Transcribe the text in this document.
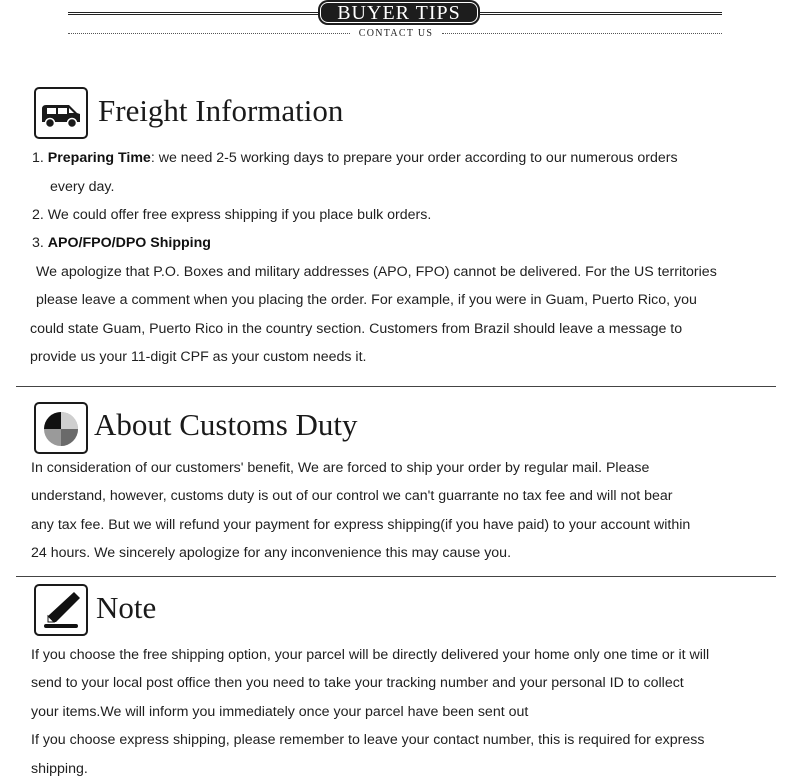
BUYER TIPS
CONTACT US
Freight Information
1. Preparing Time: we need 2-5 working days to prepare your order according to our numerous orders
every day.
2. We could offer free express shipping if you place bulk orders.
3. APO/FPO/DPO Shipping
We apologize that P.O. Boxes and military addresses (APO, FPO) cannot be delivered. For the US territories
please leave a comment when you placing the order. For example, if you were in Guam, Puerto Rico, you
could state Guam, Puerto Rico in the country section. Customers from Brazil should leave a message to
provide us your 11-digit CPF as your custom needs it.
About Customs Duty
In consideration of our customers' benefit, We are forced to ship your order by regular mail. Please
understand, however, customs duty is out of our control we can't guarrante no tax fee and will not bear
any tax fee. But we will refund your payment for express shipping(if you have paid) to your account within
24 hours. We sincerely apologize for any inconvenience this may cause you.
Note
If you choose the free shipping option, your parcel will be directly delivered your home only one time or it will
send to your local post office then you need to take your tracking number and your personal ID to collect
your items.We will inform you immediately once your parcel have been sent out
If you choose express shipping, please remember to leave your contact number, this is required for express
shipping.
